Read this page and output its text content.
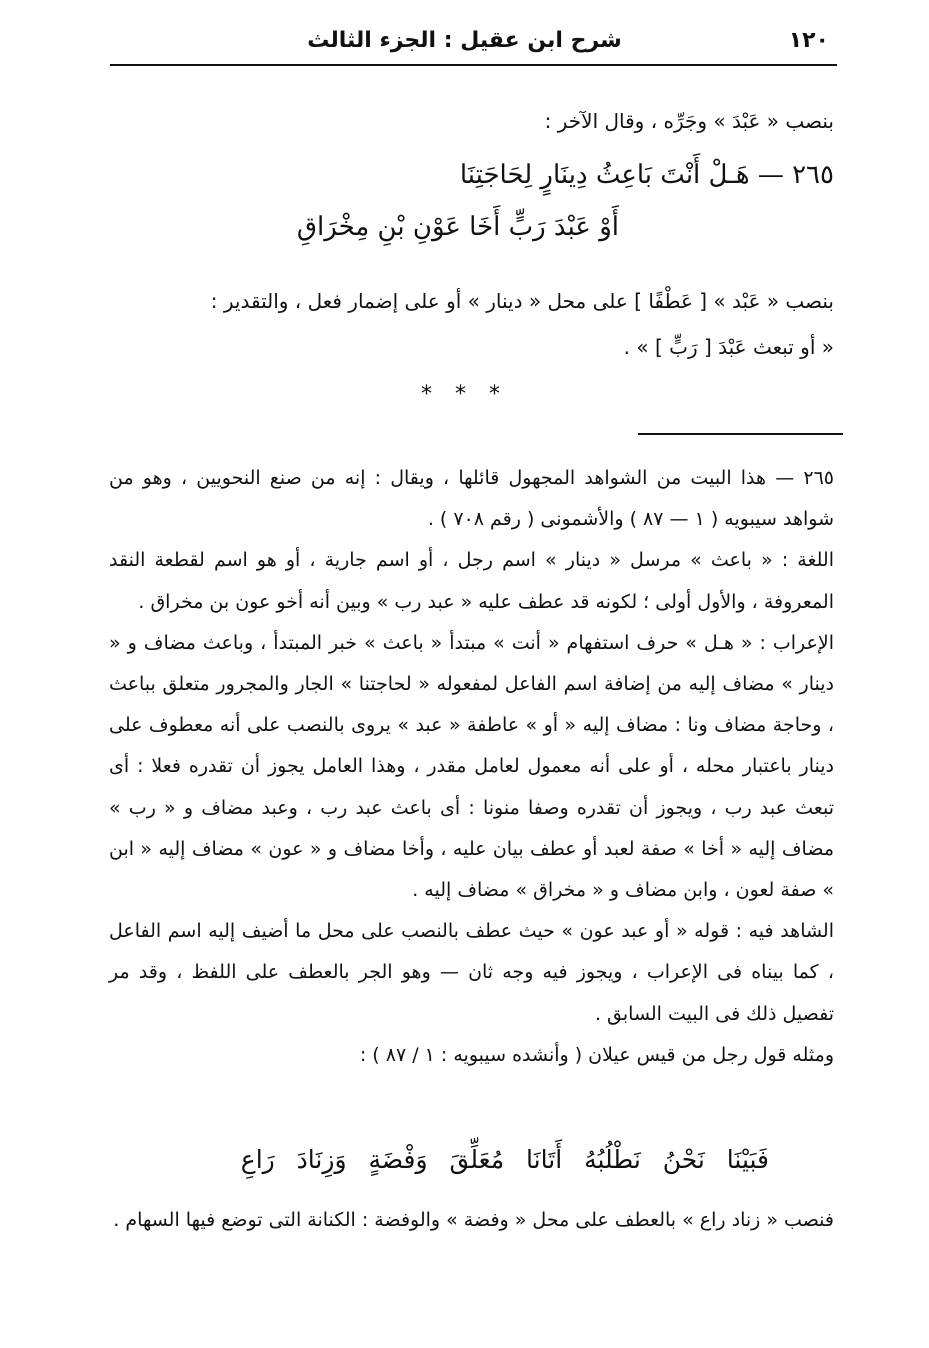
١٢٠
شرح ابن عقيل : الجزء الثالث
بنصب « عَبْدَ » وجَرِّه ، وقال الآخر :
٢٦٥ — هَـلْ أَنْتَ بَاعِثُ دِينَارٍ لِحَاجَتِنَا
أَوْ عَبْدَ رَبٍّ أَخَا عَوْنِ بْنِ مِخْرَاقِ
بنصب « عَبْد » [ عَطْفًا ] على محل « دينار » أو على إضمار فعل ، والتقدير :
« أو تبعث عَبْدَ [ رَبٍّ ] » .
* * *

٢٦٥ — هذا البيت من الشواهد المجهول قائلها ، ويقال : إنه من صنع النحويين ، وهو من شواهد سيبويه ( ١ — ٨٧ ) والأشمونى ( رقم ٧٠٨ ) .

اللغة : « باعث » مرسل « دينار » اسم رجل ، أو اسم جارية ، أو هو اسم لقطعة النقد المعروفة ، والأول أولى ؛ لكونه قد عطف عليه « عبد رب » وبين أنه أخو عون بن مخراق .

الإعراب : « هـل » حرف استفهام « أنت » مبتدأ « باعث » خبر المبتدأ ، وباعث مضاف و « دينار » مضاف إليه من إضافة اسم الفاعل لمفعوله « لحاجتنا » الجار والمجرور متعلق بباعث ، وحاجة مضاف ونا : مضاف إليه « أو » عاطفة « عبد » يروى بالنصب على أنه معطوف على دينار باعتبار محله ، أو على أنه معمول لعامل مقدر ، وهذا العامل يجوز أن تقدره فعلا : أى تبعث عبد رب ، ويجوز أن تقدره وصفا منونا : أى باعث عبد رب ، وعبد مضاف و « رب » مضاف إليه « أخا » صفة لعبد أو عطف بيان عليه ، وأخا مضاف و « عون » مضاف إليه « ابن » صفة لعون ، وابن مضاف و « مخراق » مضاف إليه .

الشاهد فيه : قوله « أو عبد عون » حيث عطف بالنصب على محل ما أضيف إليه اسم الفاعل ، كما بيناه فى الإعراب ، ويجوز فيه وجه ثان — وهو الجر بالعطف على اللفظ ، وقد مر تفصيل ذلك فى البيت السابق .

ومثله قول رجل من قيس عيلان ( وأنشده سيبويه : ١ / ٨٧ ) :

فَبَيْنَا نَحْنُ نَطْلُبُهُ أَتَانَا مُعَلِّقَ وَفْضَةٍ وَزِنَادَ رَاعِ
فنصب « زناد راع » بالعطف على محل « وفضة » والوفضة : الكنانة التى توضع فيها السهام .
